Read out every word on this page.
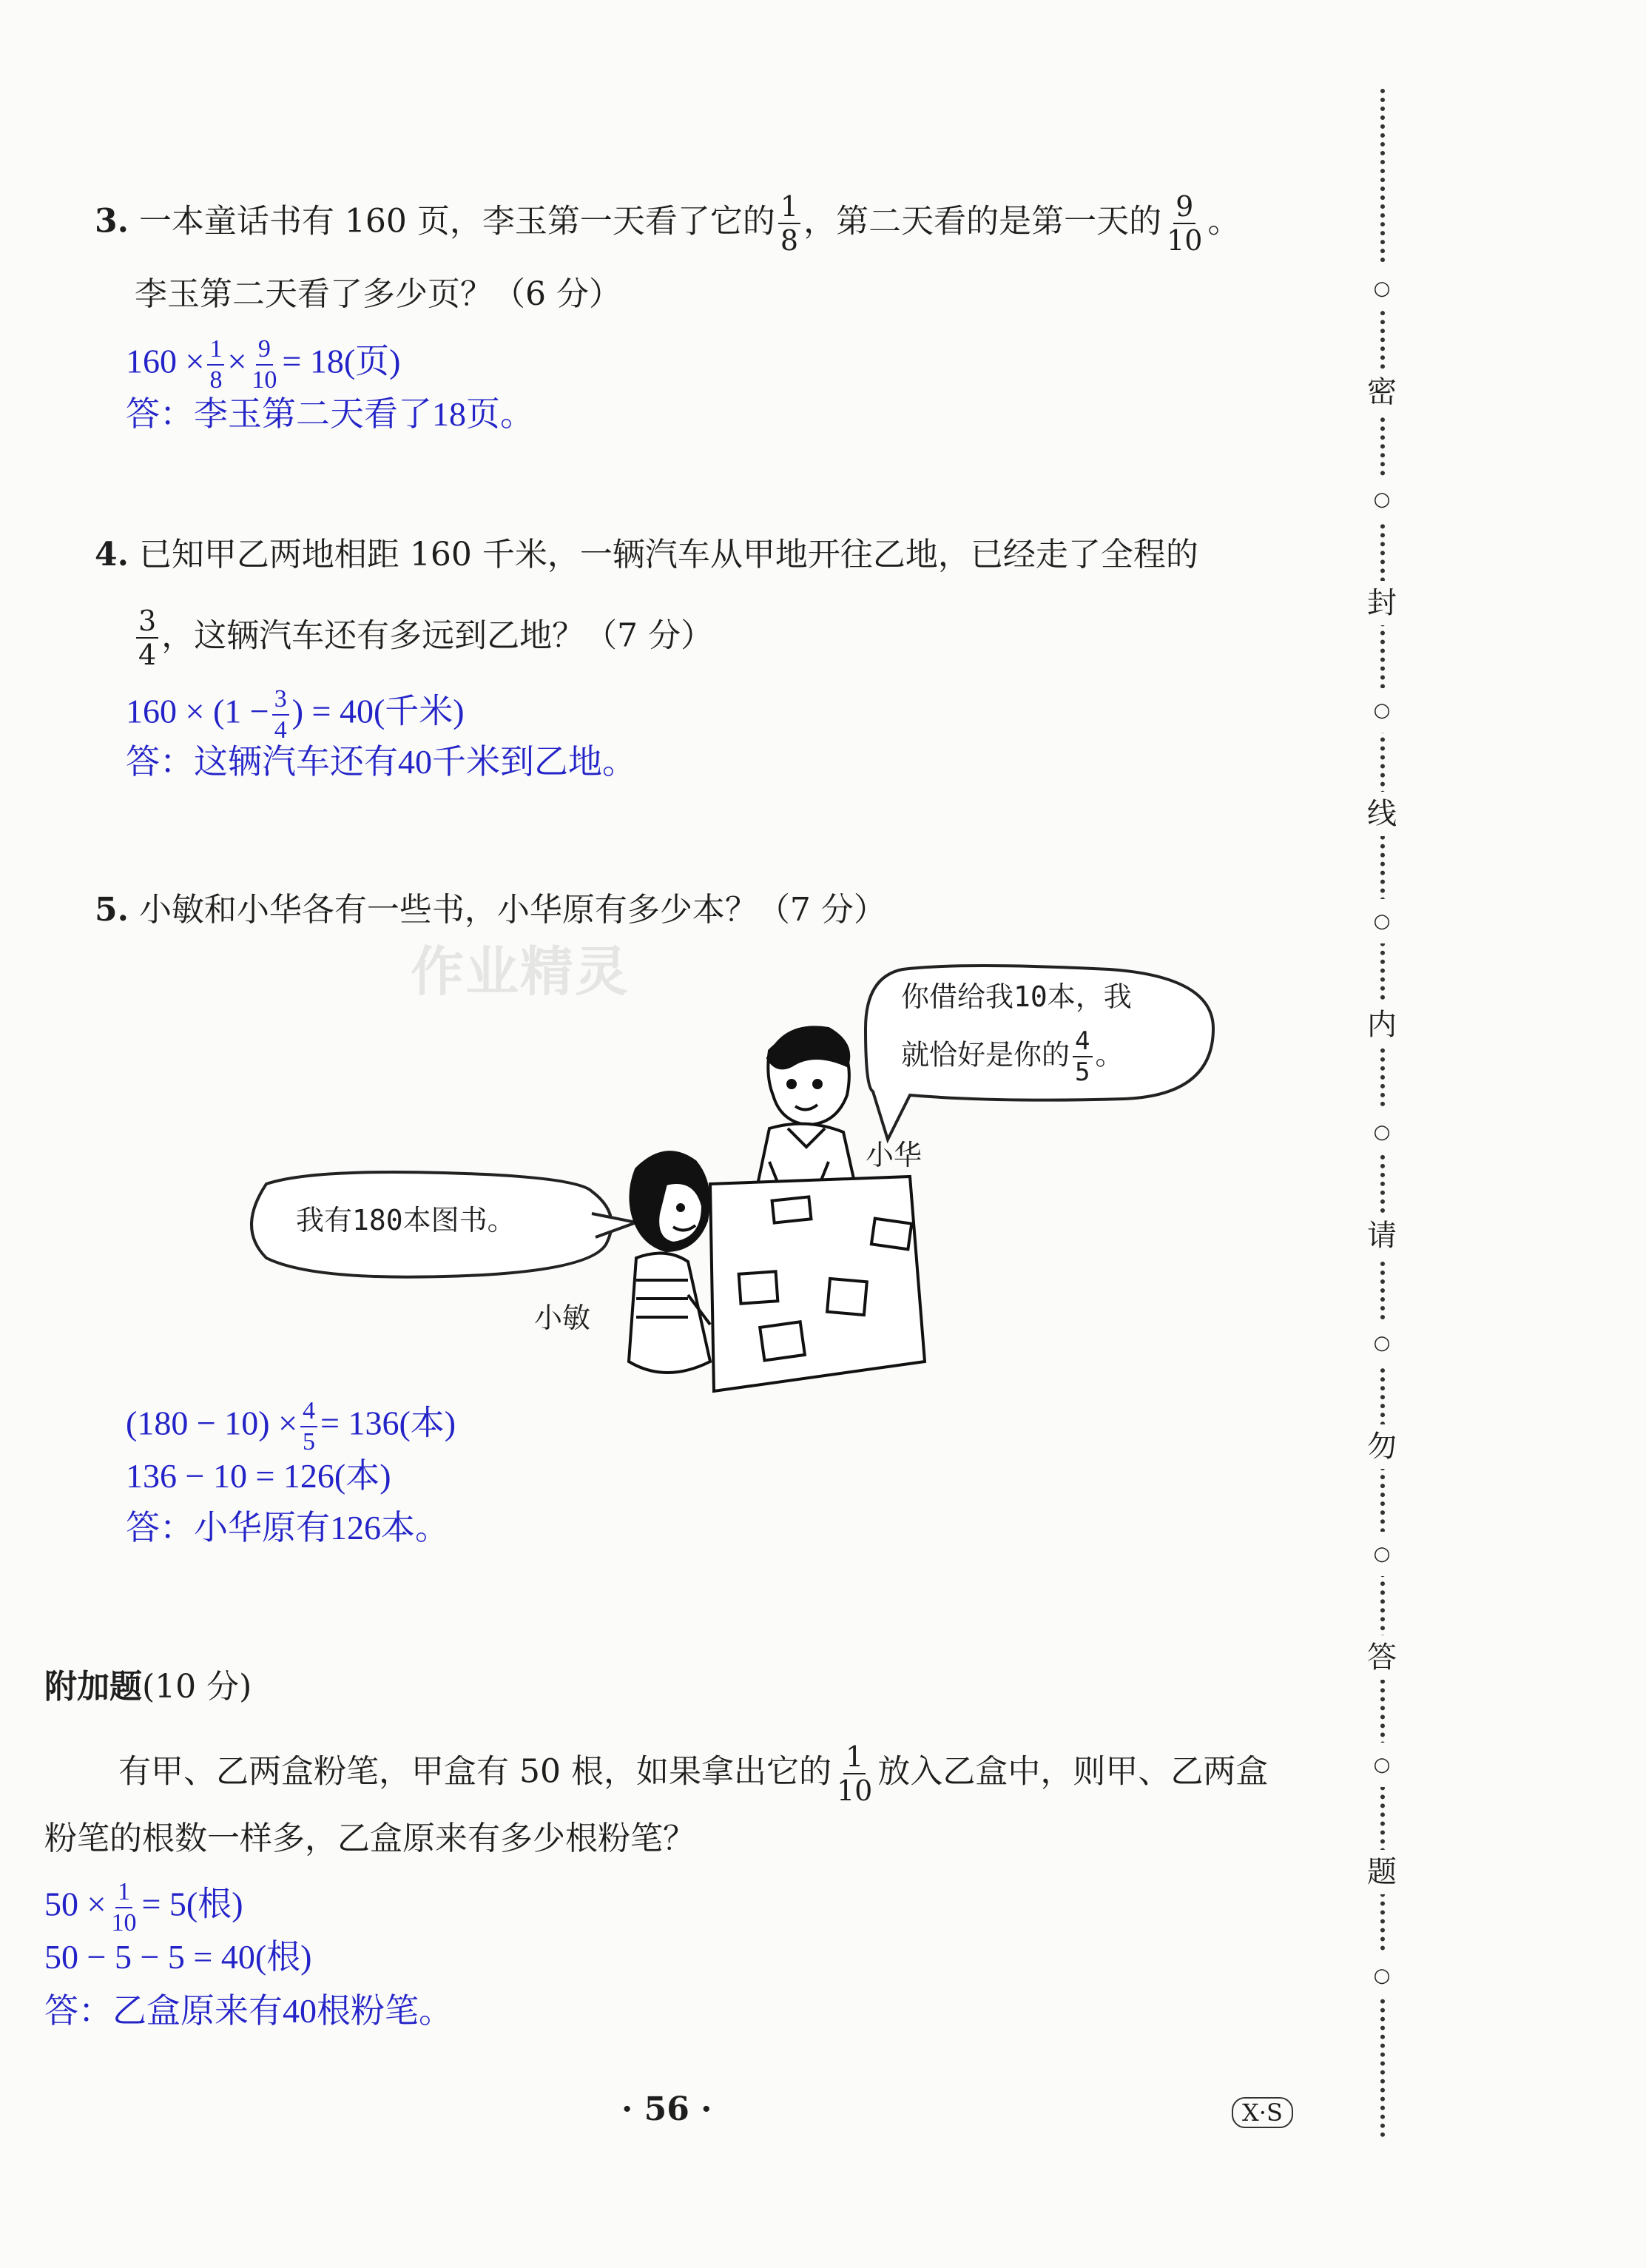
3. 一本童话书有 160 页，李玉第一天看了它的 $\frac{1}{8}$ ，第二天看的是第一天的 $\frac{9}{10}$ 。
李玉第二天看了多少页？（6 分）
$160 \times \frac{1}{8} \times \frac{9}{10} = 18$(页)
答：李玉第二天看了18页。
4. 已知甲乙两地相距 160 千米，一辆汽车从甲地开往乙地，已经走了全程的
$\frac{3}{4}$ ，这辆汽车还有多远到乙地？（7 分）
$160 \times (1 - \frac{3}{4}$ ) = 40(千米)
答：这辆汽车还有40千米到乙地。
5. 小敏和小华各有一些书，小华原有多少本？（7 分）
作业精灵	你借给我10本，我
就恰好是你的 $\frac{4}{5}$ 。
小华
我有180本图书。
小敏
$(180 - 10) \times \frac{4}{5} = 136$(本)
136 − 10 = 126(本)
答：小华原有126本。
附加题(10 分)
有甲、乙两盒粉笔，甲盒有 50 根，如果拿出它的 $\frac{1}{10}$ 放入乙盒中，则甲、乙两盒
粉笔的根数一样多，乙盒原来有多少根粉笔？
$50 \times \frac{1}{10} = 5$(根)
50 − 5 − 5 = 40(根)
答：乙盒原来有40根粉笔。
· 56 ·	X·S
密
封
线
内
请
勿
答
题
○
○
○
○
○
○
○
○
○
